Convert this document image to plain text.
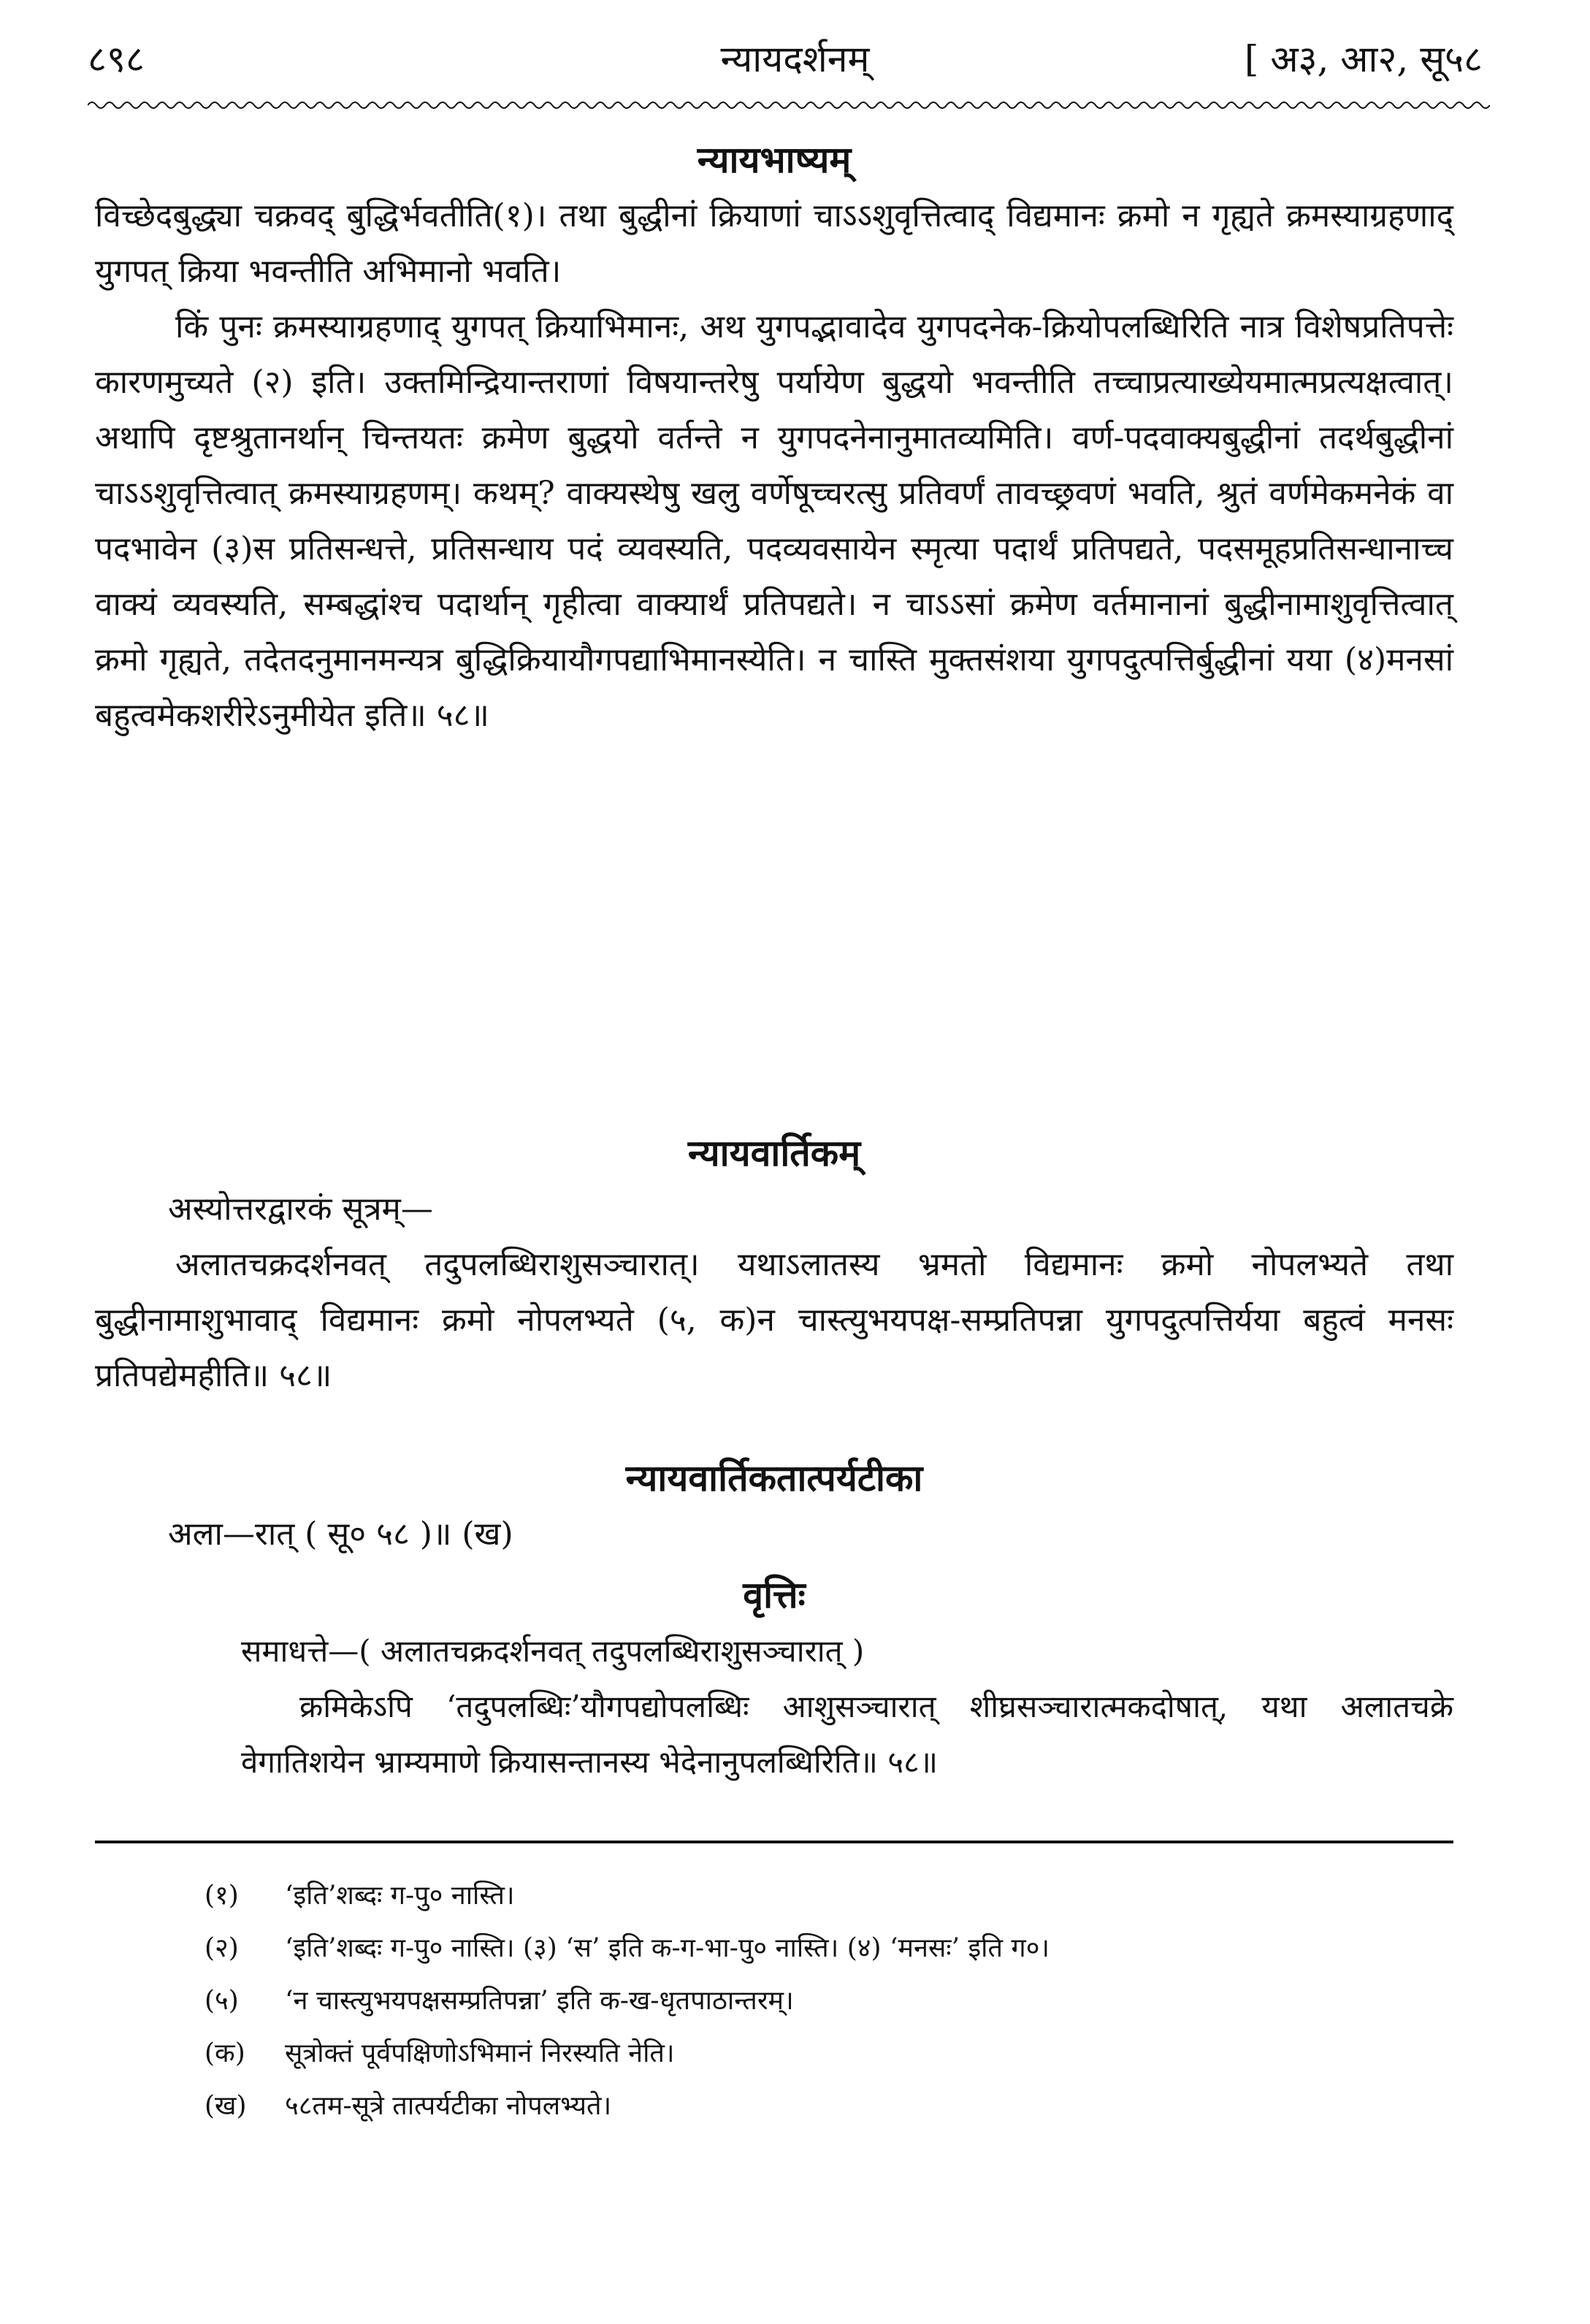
८९८	न्यायदर्शनम्	[ अ३, आ२, सू५८
न्यायभाष्यम्

विच्छेदबुद्ध्या चक्रवद् बुद्धिर्भवतीति(१)। तथा बुद्धीनां क्रियाणां चाऽऽशुवृत्तित्वाद् विद्यमानः क्रमो न गृह्यते क्रमस्याग्रहणाद् युगपत् क्रिया भवन्तीति अभिमानो भवति।

किं पुनः क्रमस्याग्रहणाद् युगपत् क्रियाभिमानः, अथ युगपद्भावादेव युगपदनेक-क्रियोपलब्धिरिति नात्र विशेषप्रतिपत्तेः कारणमुच्यते (२) इति। उक्तमिन्द्रियान्तराणां विषयान्तरेषु पर्यायेण बुद्धयो भवन्तीति तच्चाप्रत्याख्येयमात्मप्रत्यक्षत्वात्। अथापि दृष्टश्रुतानर्थान् चिन्तयतः क्रमेण बुद्धयो वर्तन्ते न युगपदनेनानुमातव्यमिति। वर्ण-पदवाक्यबुद्धीनां तदर्थबुद्धीनां चाऽऽशुवृत्तित्वात् क्रमस्याग्रहणम्। कथम्? वाक्यस्थेषु खलु वर्णेषूच्चरत्सु प्रतिवर्णं तावच्छ्रवणं भवति, श्रुतं वर्णमेकमनेकं वा पदभावेन (३)स प्रतिसन्धत्ते, प्रतिसन्धाय पदं व्यवस्यति, पदव्यवसायेन स्मृत्या पदार्थं प्रतिपद्यते, पदसमूहप्रतिसन्धानाच्च वाक्यं व्यवस्यति, सम्बद्धांश्च पदार्थान् गृहीत्वा वाक्यार्थं प्रतिपद्यते। न चाऽऽसां क्रमेण वर्तमानानां बुद्धीनामाशुवृत्तित्वात् क्रमो गृह्यते, तदेतदनुमानमन्यत्र बुद्धिक्रियायौगपद्याभिमानस्येति। न चास्ति मुक्तसंशया युगपदुत्पत्तिर्बुद्धीनां यया (४)मनसां बहुत्वमेकशरीरेऽनुमीयेत इति॥ ५८॥

न्यायवार्तिकम्

अस्योत्तरद्वारकं सूत्रम्—

अलातचक्रदर्शनवत् तदुपलब्धिराशुसञ्चारात्। यथाऽलातस्य भ्रमतो विद्यमानः क्रमो नोपलभ्यते तथा बुद्धीनामाशुभावाद् विद्यमानः क्रमो नोपलभ्यते (५, क)न चास्त्युभयपक्ष-सम्प्रतिपन्ना युगपदुत्पत्तिर्यया बहुत्वं मनसः प्रतिपद्येमहीति॥ ५८॥

न्यायवार्तिकतात्पर्यटीका

अला—रात् ( सू० ५८ )॥ (ख)

वृत्तिः

समाधत्ते—( अलातचक्रदर्शनवत् तदुपलब्धिराशुसञ्चारात् )

क्रमिकेऽपि ‘तदुपलब्धिः’यौगपद्योपलब्धिः आशुसञ्चारात् शीघ्रसञ्चारात्मकदोषात्, यथा अलातचक्रे वेगातिशयेन भ्राम्यमाणे क्रियासन्तानस्य भेदेनानुपलब्धिरिति॥ ५८॥

(१) ‘इति’शब्दः ग-पु० नास्ति।

(२) ‘इति’शब्दः ग-पु० नास्ति। (३) ‘स’ इति क-ग-भा-पु० नास्ति। (४) ‘मनसः’ इति ग०।

(५) ‘न चास्त्युभयपक्षसम्प्रतिपन्ना’ इति क-ख-धृतपाठान्तरम्।

(क) सूत्रोक्तं पूर्वपक्षिणोऽभिमानं निरस्यति नेति।

(ख) ५८तम-सूत्रे तात्पर्यटीका नोपलभ्यते।
